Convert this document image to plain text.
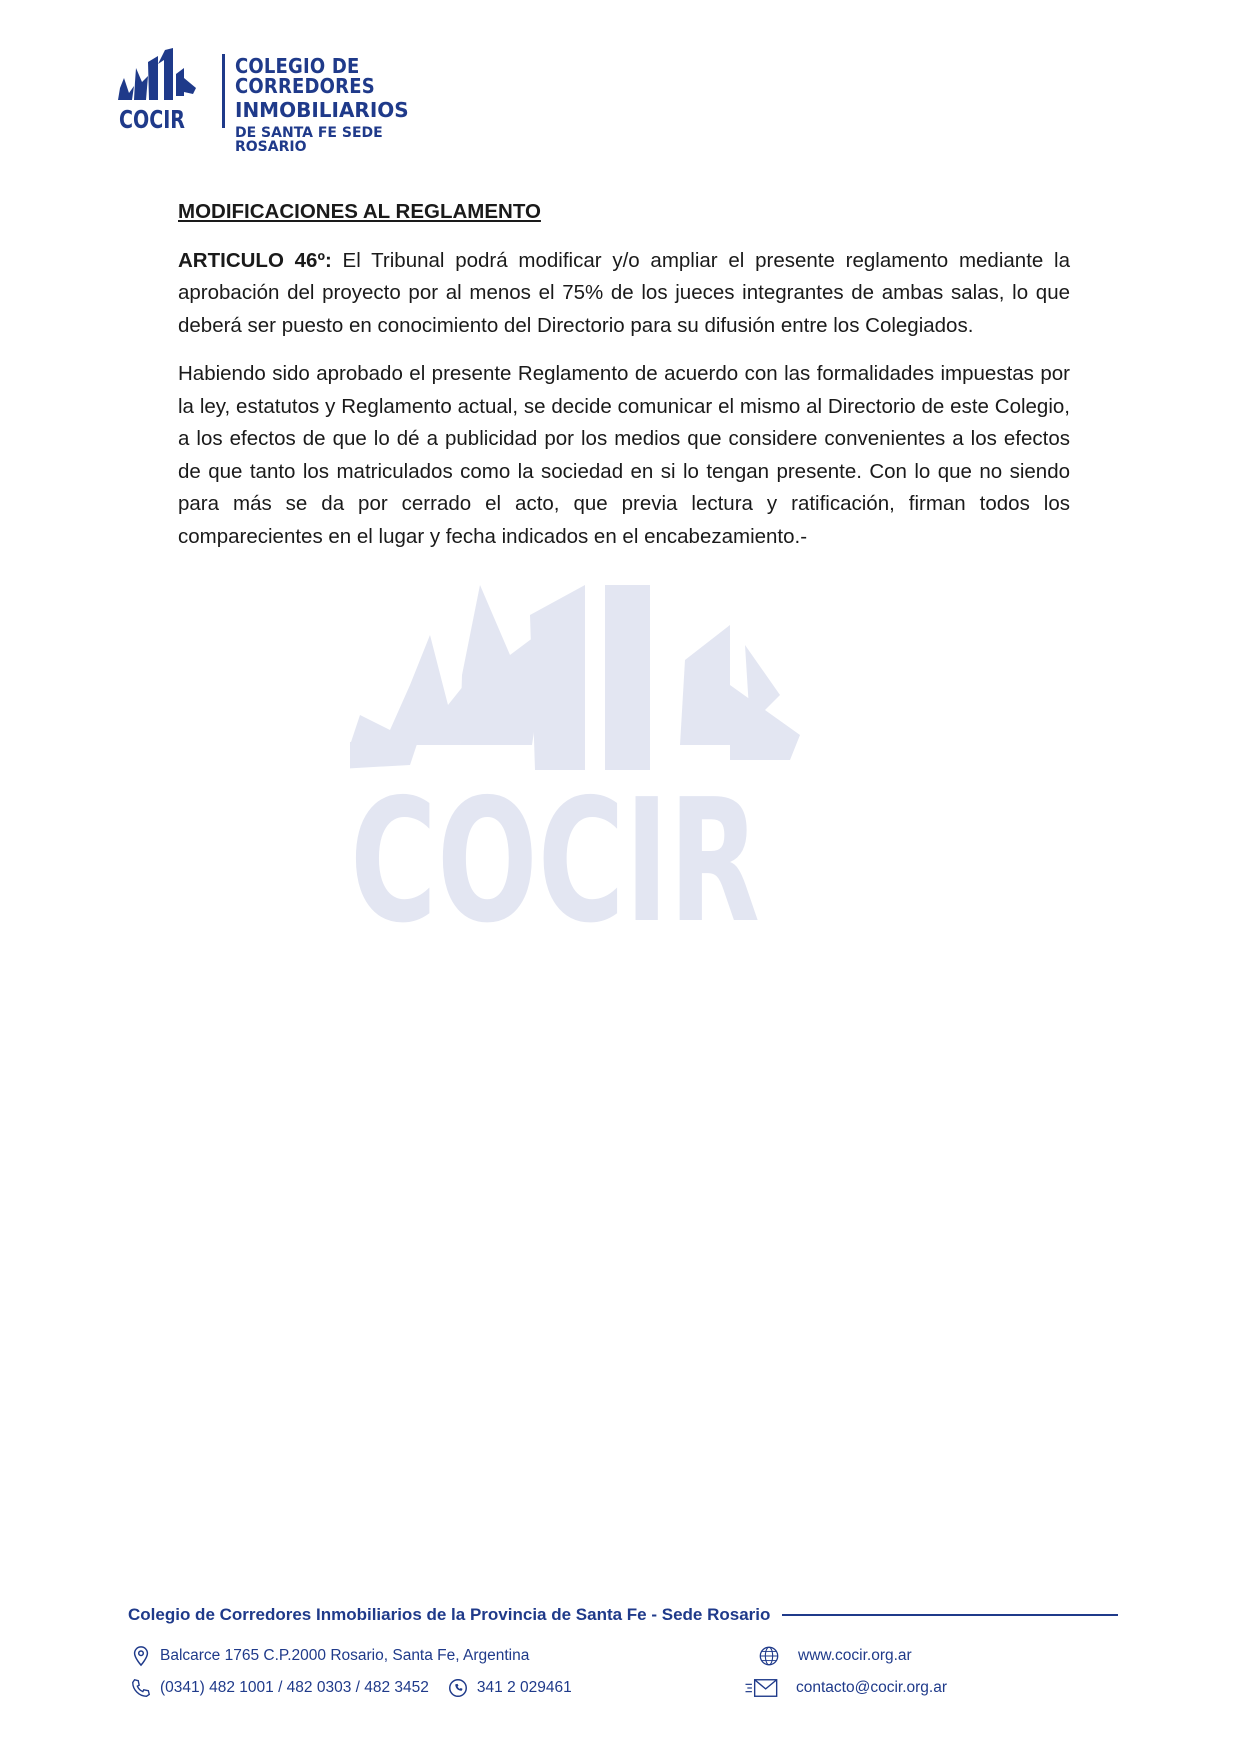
COCIR
COCIR
COLEGIO DE CORREDORES
INMOBILIARIOS
DE SANTA FE SEDE ROSARIO
MODIFICACIONES AL REGLAMENTO

ARTICULO 46º: El Tribunal podrá modificar y/o ampliar el presente reglamento mediante la aprobación del proyecto por al menos el 75% de los jueces integrantes de ambas salas, lo que deberá ser puesto en conocimiento del Directorio para su difusión entre los Colegiados.

Habiendo sido aprobado el presente Reglamento de acuerdo con las formalidades impuestas por la ley, estatutos y Reglamento actual, se decide comunicar el mismo al Directorio de este Colegio, a los efectos de que lo dé a publicidad por los medios que considere convenientes a los efectos de que tanto los matriculados como la sociedad en si lo tengan presente. Con lo que no siendo para más se da por cerrado el acto, que previa lectura y ratificación, firman todos los comparecientes en el lugar y fecha indicados en el encabezamiento.-

Colegio de Corredores Inmobiliarios de la Provincia de Santa Fe - Sede Rosario
Balcarce 1765 C.P.2000 Rosario, Santa Fe, Argentina
(0341) 482 1001 / 482 0303 / 482 3452	341 2 029461
www.cocir.org.ar
contacto@cocir.org.ar
